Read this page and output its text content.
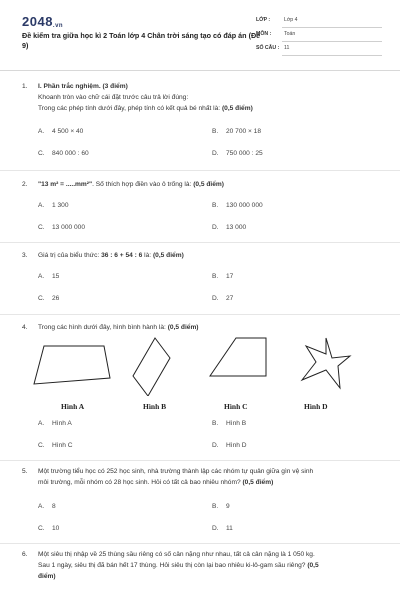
2048.vn
Đề kiểm tra giữa học kì 2 Toán lớp 4 Chân trời sáng tạo có đáp án (Đề 9)
LỚP :	Lớp 4
MÔN : Toán
SỐ CÂU : 11
1. I. Phần trắc nghiệm. (3 điểm)
Khoanh tròn vào chữ cái đặt trước câu trả lời đúng:
Trong các phép tính dưới đây, phép tính có kết quả bé nhất là: (0,5 điểm)
A. 4 500 × 40	B. 20 700 × 18
C. 840 000 : 60	D. 750 000 : 25
2. "13 m² = .....mm²". Số thích hợp điền vào ô trống là: (0,5 điểm)
A. 1 300	B. 130 000 000
C. 13 000 000	D. 13 000
3. Giá trị của biểu thức: 36 : 6 + 54 : 6 là: (0,5 điểm)
A. 15	B. 17
C. 26	D. 27
4. Trong các hình dưới đây, hình bình hành là: (0,5 điểm)
Hình A	Hình B	Hình C	Hình D
A. Hình A	B. Hình B
C. Hình C	D. Hình D
5. Một trường tiểu học có 252 học sinh, nhà trường thành lập các nhóm tự quản giữa gìn vệ sinh
môi trường, mỗi nhóm có 28 học sinh. Hỏi có tất cả bao nhiêu nhóm? (0,5 điểm)
A. 8	B. 9
C. 10	D. 11
6. Một siêu thị nhập về 25 thùng sầu riêng có số cân nặng như nhau, tất cả cân nặng là 1 050 kg.
Sau 1 ngày, siêu thị đã bán hết 17 thùng. Hỏi siêu thị còn lại bao nhiêu ki-lô-gam sầu riêng? (0,5
điểm)
